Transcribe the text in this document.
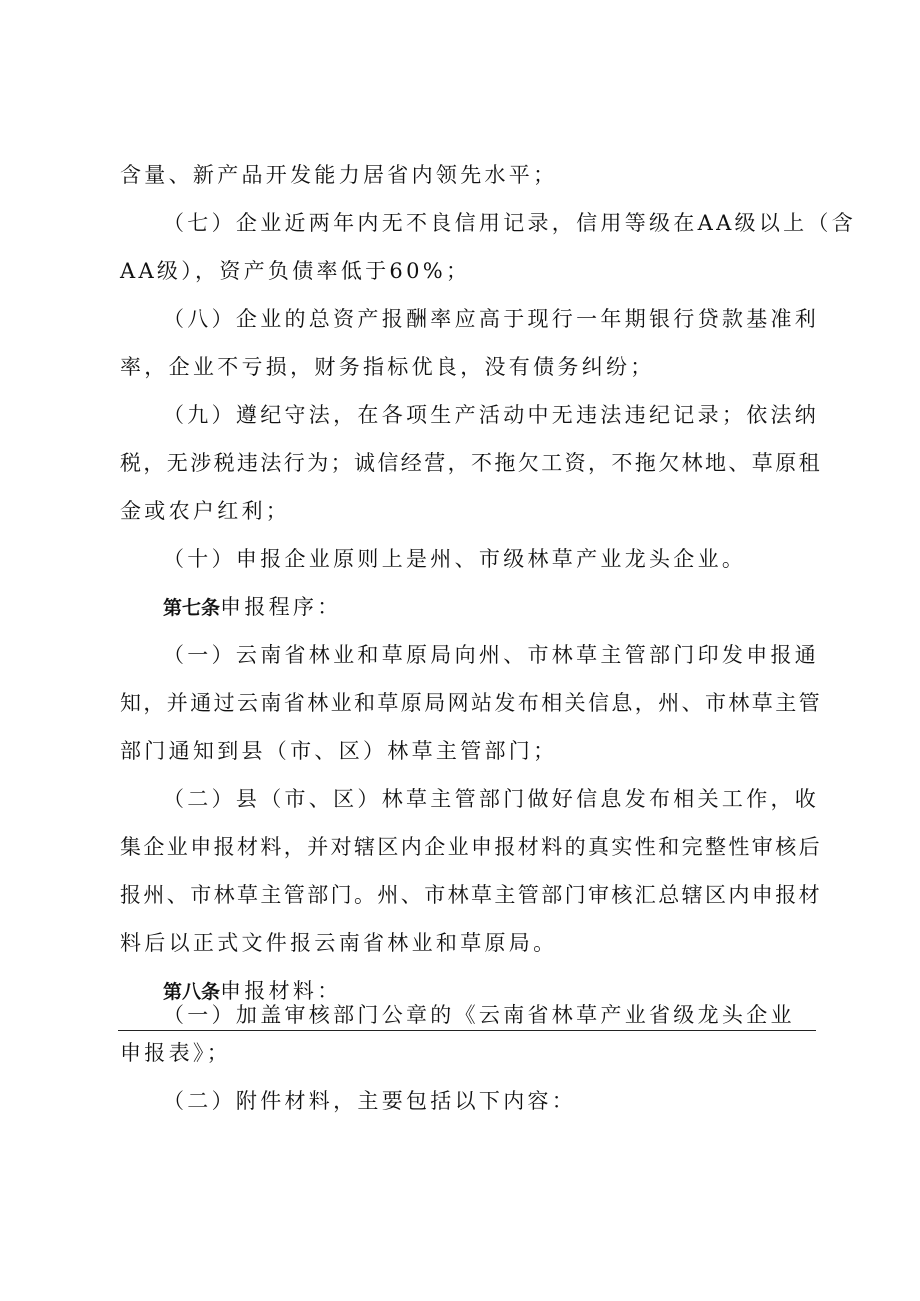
含量、新产品开发能力居省内领先水平；
（七）企业近两年内无不良信用记录，信用等级在AA级以上（含
AA级），资产负债率低于60%；
（八）企业的总资产报酬率应高于现行一年期银行贷款基准利
率，企业不亏损，财务指标优良，没有债务纠纷；
（九）遵纪守法，在各项生产活动中无违法违纪记录；依法纳
税，无涉税违法行为；诚信经营，不拖欠工资，不拖欠林地、草原租
金或农户红利；
（十）申报企业原则上是州、市级林草产业龙头企业。
第七条申报程序：
（一）云南省林业和草原局向州、市林草主管部门印发申报通
知，并通过云南省林业和草原局网站发布相关信息，州、市林草主管
部门通知到县（市、区）林草主管部门；
（二）县（市、区）林草主管部门做好信息发布相关工作，收
集企业申报材料，并对辖区内企业申报材料的真实性和完整性审核后
报州、市林草主管部门。州、市林草主管部门审核汇总辖区内申报材
料后以正式文件报云南省林业和草原局。
第八条申报材料：
（一）加盖审核部门公章的《云南省林草产业省级龙头企业
申报表》；
（二）附件材料，主要包括以下内容：
